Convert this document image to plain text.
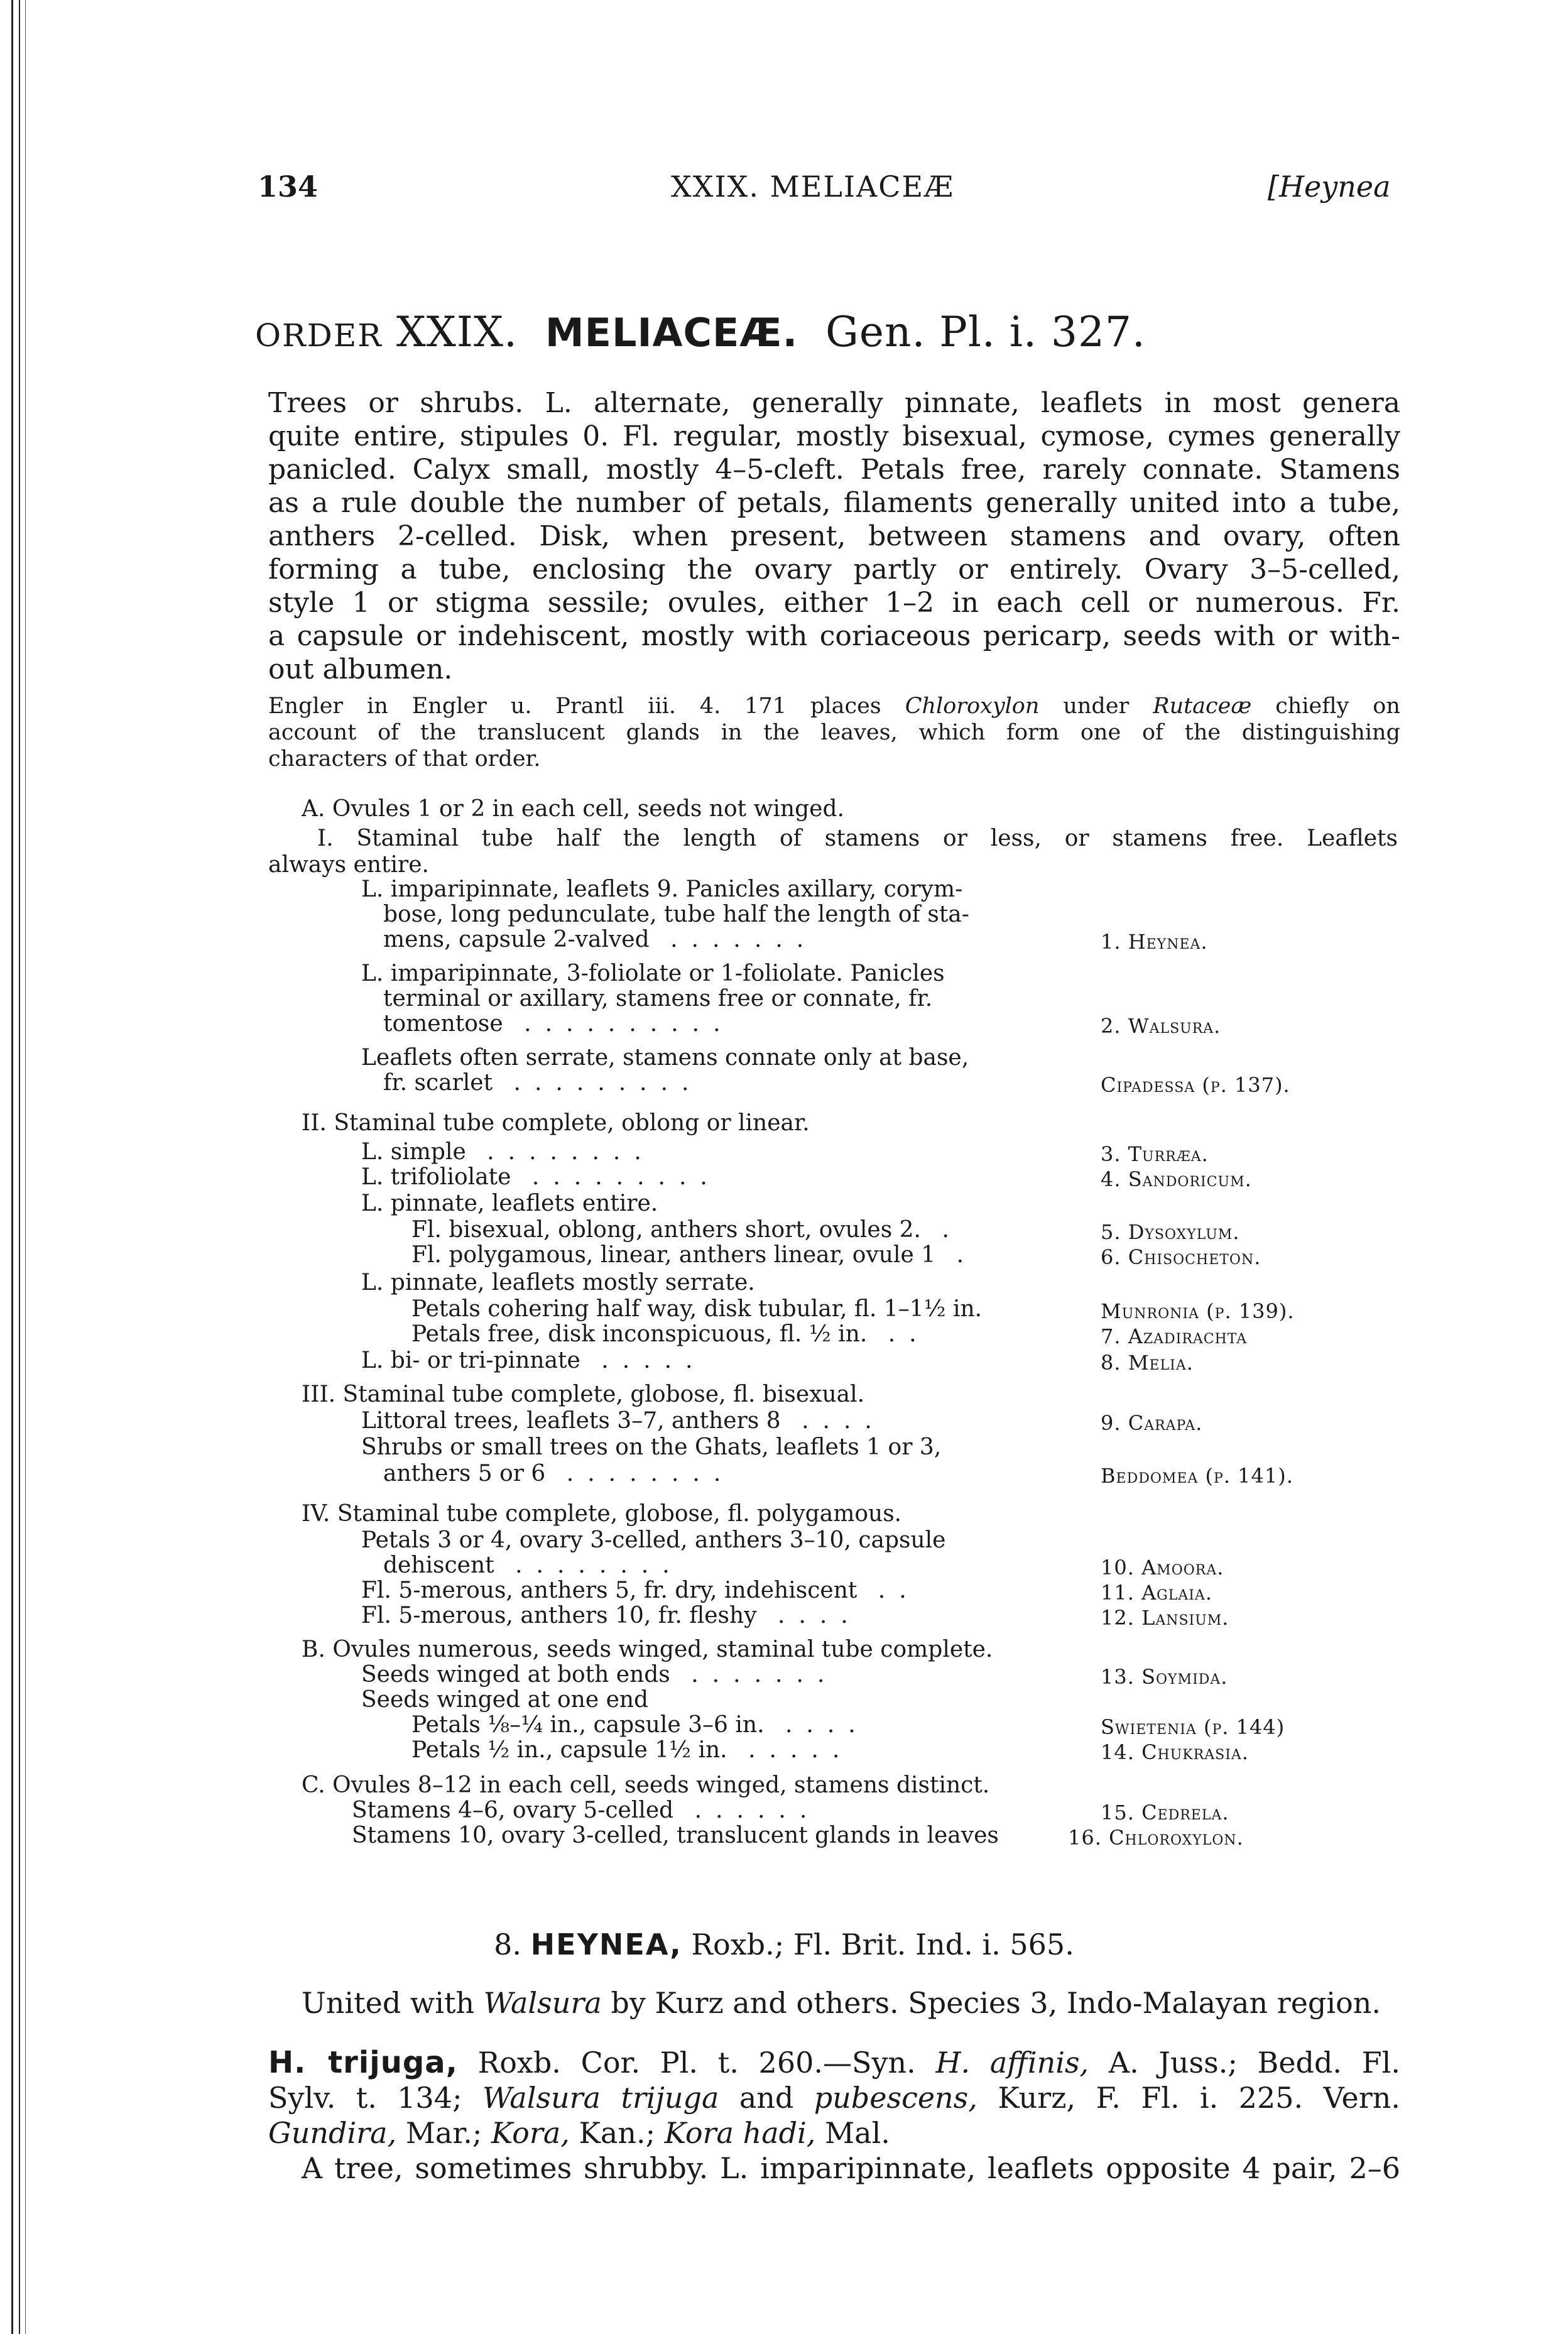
134	XXIX. MELIACEÆ	[Heynea
ORDER XXIX. MELIACEÆ. Gen. Pl. i. 327.
Trees or shrubs. L. alternate, generally pinnate, leaflets in most genera
quite entire, stipules 0. Fl. regular, mostly bisexual, cymose, cymes generally
panicled. Calyx small, mostly 4–5-cleft. Petals free, rarely connate. Stamens
as a rule double the number of petals, filaments generally united into a tube,
anthers 2-celled. Disk, when present, between stamens and ovary, often
forming a tube, enclosing the ovary partly or entirely. Ovary 3–5-celled,
style 1 or stigma sessile; ovules, either 1–2 in each cell or numerous. Fr.
a capsule or indehiscent, mostly with coriaceous pericarp, seeds with or with-
out albumen.
Engler in Engler u. Prantl iii. 4. 171 places Chloroxylon under Rutaceæ chiefly on
account of the translucent glands in the leaves, which form one of the distinguishing
characters of that order.
A. Ovules 1 or 2 in each cell, seeds not winged.
I. Staminal tube half the length of stamens or less, or stamens free. Leaflets
always entire.
L. imparipinnate, leaflets 9. Panicles axillary, corym-
bose, long pedunculate, tube half the length of sta-
mens, capsule 2-valved .......	1. Heynea.
L. imparipinnate, 3-foliolate or 1-foliolate. Panicles
terminal or axillary, stamens free or connate, fr.
tomentose ..........	2. Walsura.
Leaflets often serrate, stamens connate only at base,
fr. scarlet .........	Cipadessa (p. 137).
II. Staminal tube complete, oblong or linear.
L. simple ........	3. Turræa.
L. trifoliolate .........	4. Sandoricum.
L. pinnate, leaflets entire.
Fl. bisexual, oblong, anthers short, ovules 2. .	5. Dysoxylum.
Fl. polygamous, linear, anthers linear, ovule 1 .	6. Chisocheton.
L. pinnate, leaflets mostly serrate.
Petals cohering half way, disk tubular, fl. 1–1½ in.	Munronia (p. 139).
Petals free, disk inconspicuous, fl. ½ in. ..	7. Azadirachta
L. bi- or tri-pinnate .....	8. Melia.
III. Staminal tube complete, globose, fl. bisexual.
Littoral trees, leaflets 3–7, anthers 8 ....	9. Carapa.
Shrubs or small trees on the Ghats, leaflets 1 or 3,
anthers 5 or 6 ........	Beddomea (p. 141).
IV. Staminal tube complete, globose, fl. polygamous.
Petals 3 or 4, ovary 3-celled, anthers 3–10, capsule
dehiscent ........	10. Amoora.
Fl. 5-merous, anthers 5, fr. dry, indehiscent ..	11. Aglaia.
Fl. 5-merous, anthers 10, fr. fleshy ....	12. Lansium.
B. Ovules numerous, seeds winged, staminal tube complete.
Seeds winged at both ends .......	13. Soymida.
Seeds winged at one end
Petals ⅛–¼ in., capsule 3–6 in. ....	Swietenia (p. 144)
Petals ½ in., capsule 1½ in. .....	14. Chukrasia.
C. Ovules 8–12 in each cell, seeds winged, stamens distinct.
Stamens 4–6, ovary 5-celled ......	15. Cedrela.
Stamens 10, ovary 3-celled, translucent glands in leaves	16. Chloroxylon.
8. HEYNEA, Roxb.; Fl. Brit. Ind. i. 565.
United with Walsura by Kurz and others. Species 3, Indo-Malayan region.
H. trijuga, Roxb. Cor. Pl. t. 260.—Syn. H. affinis, A. Juss.; Bedd. Fl.
Sylv. t. 134; Walsura trijuga and pubescens, Kurz, F. Fl. i. 225. Vern.
Gundira, Mar.; Kora, Kan.; Kora hadi, Mal.
A tree, sometimes shrubby. L. imparipinnate, leaflets opposite 4 pair, 2–6
